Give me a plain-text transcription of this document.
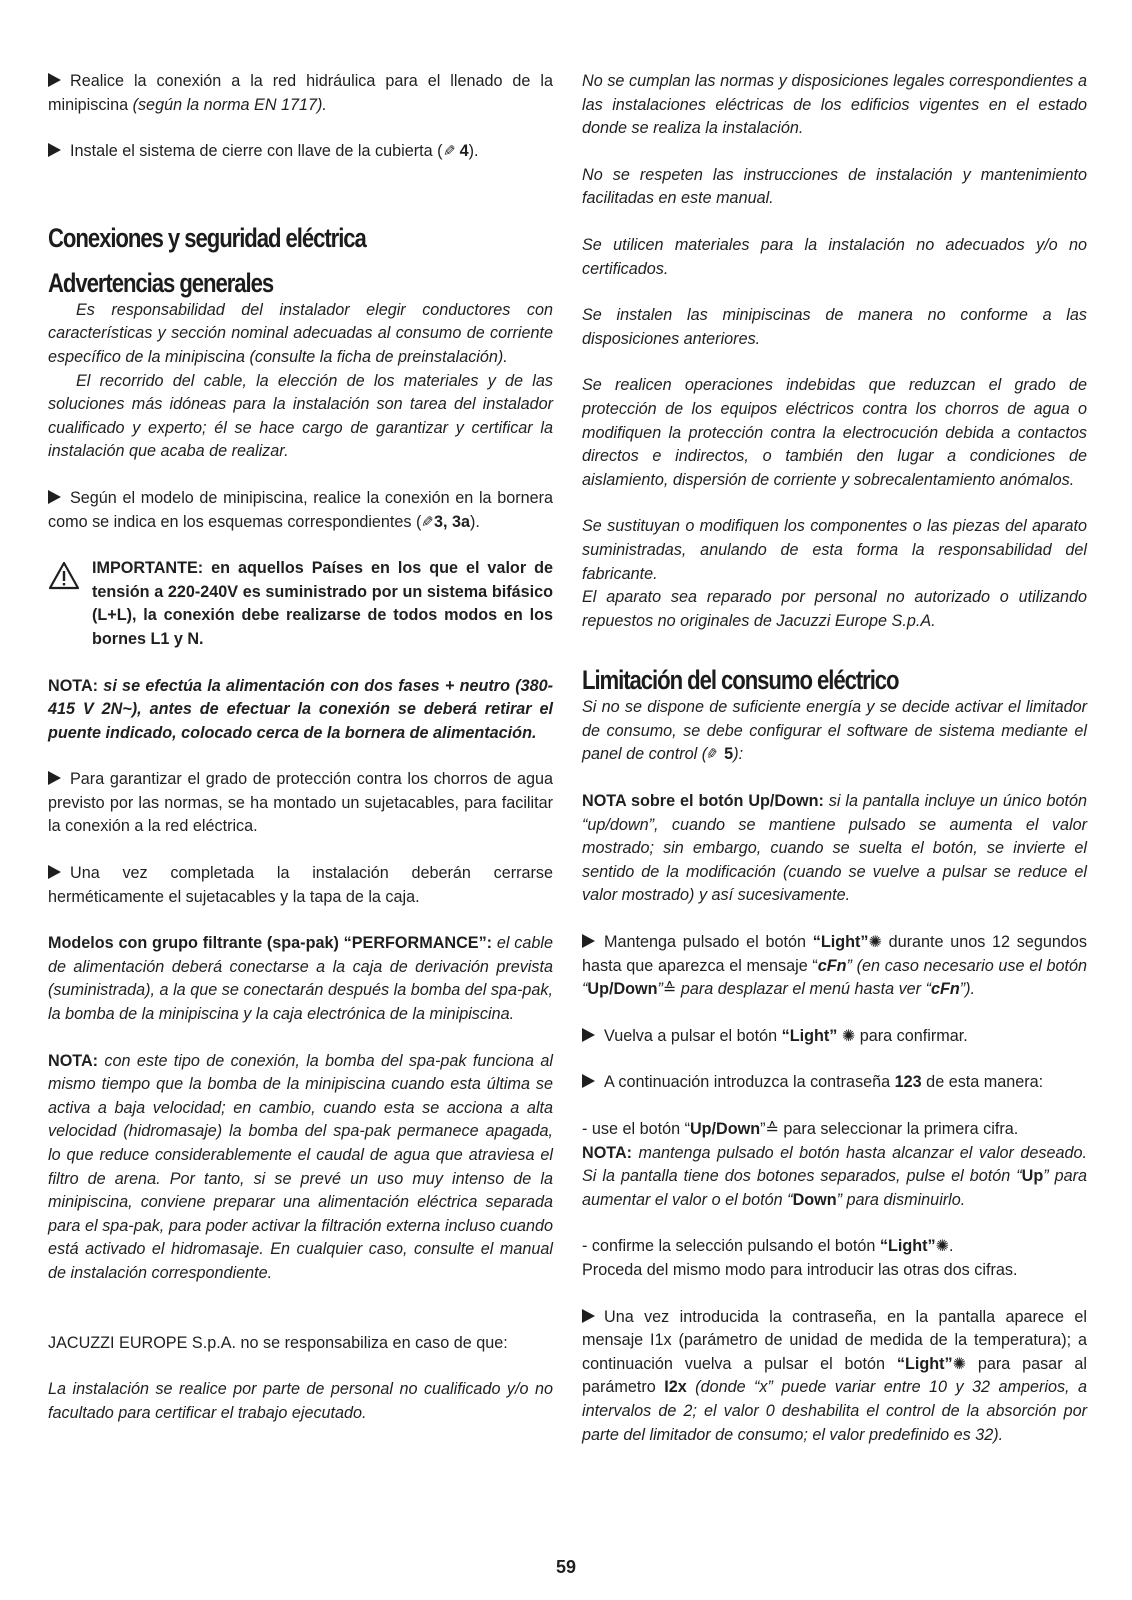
Realice la conexión a la red hidráulica para el llenado de la minipiscina (según la norma EN 1717).

Instale el sistema de cierre con llave de la cubierta (✎ 4).

Conexiones y seguridad eléctrica
Advertencias generales

Es responsabilidad del instalador elegir conductores con características y sección nominal adecuadas al consumo de corriente específico de la minipiscina (consulte la ficha de preinstalación).

El recorrido del cable, la elección de los materiales y de las soluciones más idóneas para la instalación son tarea del instalador cualificado y experto; él se hace cargo de garantizar y certificar la instalación que acaba de realizar.

Según el modelo de minipiscina, realice la conexión en la bornera como se indica en los esquemas correspondientes (✎3, 3a).

IMPORTANTE: en aquellos Países en los que el valor de tensión a 220-240V es suministrado por un sistema bifásico (L+L), la conexión debe realizarse de todos modos en los bornes L1 y N.

NOTA: si se efectúa la alimentación con dos fases + neutro (380-415 V 2N~), antes de efectuar la conexión se deberá retirar el puente indicado, colocado cerca de la bornera de alimentación.

Para garantizar el grado de protección contra los chorros de agua previsto por las normas, se ha montado un sujetacables, para facilitar la conexión a la red eléctrica.

Una vez completada la instalación deberán cerrarse herméticamente el sujetacables y la tapa de la caja.

Modelos con grupo filtrante (spa-pak) “PERFORMANCE”: el cable de alimentación deberá conectarse a la caja de derivación prevista (suministrada), a la que se conectarán después la bomba del spa-pak, la bomba de la minipiscina y la caja electrónica de la minipiscina.

NOTA: con este tipo de conexión, la bomba del spa-pak funciona al mismo tiempo que la bomba de la minipiscina cuando esta última se activa a baja velocidad; en cambio, cuando esta se acciona a alta velocidad (hidromasaje) la bomba del spa-pak permanece apagada, lo que reduce considerablemente el caudal de agua que atraviesa el filtro de arena. Por tanto, si se prevé un uso muy intenso de la minipiscina, conviene preparar una alimentación eléctrica separada para el spa-pak, para poder activar la filtración externa incluso cuando está activado el hidromasaje. En cualquier caso, consulte el manual de instalación correspondiente.

JACUZZI EUROPE S.p.A. no se responsabiliza en caso de que:

La instalación se realice por parte de personal no cualificado y/o no facultado para certificar el trabajo ejecutado.

No se cumplan las normas y disposiciones legales correspondientes a las instalaciones eléctricas de los edificios vigentes en el estado donde se realiza la instalación.

No se respeten las instrucciones de instalación y mantenimiento facilitadas en este manual.

Se utilicen materiales para la instalación no adecuados y/o no certificados.

Se instalen las minipiscinas de manera no conforme a las disposiciones anteriores.

Se realicen operaciones indebidas que reduzcan el grado de protección de los equipos eléctricos contra los chorros de agua o modifiquen la protección contra la electrocución debida a contactos directos e indirectos, o también den lugar a condiciones de aislamiento, dispersión de corriente y sobrecalentamiento anómalos.

Se sustituyan o modifiquen los componentes o las piezas del aparato suministradas, anulando de esta forma la responsabilidad del fabricante.

El aparato sea reparado por personal no autorizado o utilizando repuestos no originales de Jacuzzi Europe S.p.A.

Limitación del consumo eléctrico

Si no se dispone de suficiente energía y se decide activar el limitador de consumo, se debe configurar el software de sistema mediante el panel de control (✎ 5):

NOTA sobre el botón Up/Down: si la pantalla incluye un único botón “up/down”, cuando se mantiene pulsado se aumenta el valor mostrado; sin embargo, cuando se suelta el botón, se invierte el sentido de la modificación (cuando se vuelve a pulsar se reduce el valor mostrado) y así sucesivamente.

Mantenga pulsado el botón “Light”✺ durante unos 12 segundos hasta que aparezca el mensaje “cFn” (en caso necesario use el botón “Up/Down”≙ para desplazar el menú hasta ver “cFn”).

Vuelva a pulsar el botón “Light” ✺ para confirmar.

A continuación introduzca la contraseña 123 de esta manera:

- use el botón “Up/Down”≙ para seleccionar la primera cifra.

NOTA: mantenga pulsado el botón hasta alcanzar el valor deseado. Si la pantalla tiene dos botones separados, pulse el botón “Up” para aumentar el valor o el botón “Down” para disminuirlo.

- confirme la selección pulsando el botón “Light”✺.

Proceda del mismo modo para introducir las otras dos cifras.

Una vez introducida la contraseña, en la pantalla aparece el mensaje I1x (parámetro de unidad de medida de la temperatura); a continuación vuelva a pulsar el botón “Light”✺ para pasar al parámetro I2x (donde “x” puede variar entre 10 y 32 amperios, a intervalos de 2; el valor 0 deshabilita el control de la absorción por parte del limitador de consumo; el valor predefinido es 32).

59
